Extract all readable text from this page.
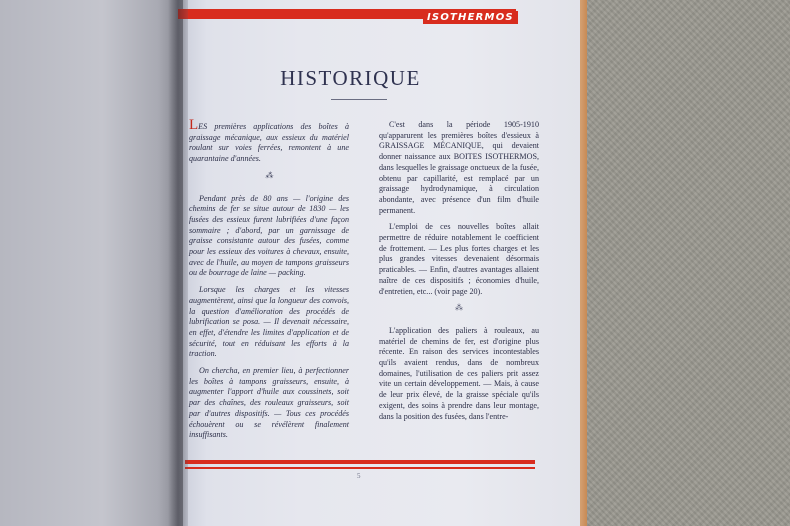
ISOTHERMOS
HISTORIQUE

LES premières applications des boîtes à graissage mécanique, aux essieux du matériel roulant sur voies ferrées, remontent à une quarantaine d'années.

⁂

Pendant près de 80 ans — l'origine des chemins de fer se situe autour de 1830 — les fusées des essieux furent lubrifiées d'une façon sommaire ; d'abord, par un garnissage de graisse consistante autour des fusées, comme pour les essieux des voitures à chevaux, ensuite, avec de l'huile, au moyen de tampons graisseurs ou de bourrage de laine — packing.

Lorsque les charges et les vitesses augmentèrent, ainsi que la longueur des convois, la question d'amélioration des procédés de lubrification se posa. — Il devenait nécessaire, en effet, d'étendre les limites d'application et de sécurité, tout en réduisant les efforts à la traction.

On chercha, en premier lieu, à perfectionner les boîtes à tampons graisseurs, ensuite, à augmenter l'apport d'huile aux coussinets, soit par des chaînes, des rouleaux graisseurs, soit par d'autres dispositifs. — Tous ces procédés échouèrent ou se révélèrent finalement insuffisants.

C'est dans la période 1905-1910 qu'apparurent les premières boîtes d'essieux à GRAISSAGE MÉCANIQUE, qui devaient donner naissance aux BOITES ISOTHERMOS, dans lesquelles le graissage onctueux de la fusée, obtenu par capillarité, est remplacé par un graissage hydrodynamique, à circulation abondante, avec présence d'un film d'huile permanent.

L'emploi de ces nouvelles boîtes allait permettre de réduire notablement le coefficient de frottement. — Les plus fortes charges et les plus grandes vitesses devenaient désormais praticables. — Enfin, d'autres avantages allaient naître de ces dispositifs ; économies d'huile, d'entretien, etc... (voir page 20).

⁂

L'application des paliers à rouleaux, au matériel de chemins de fer, est d'origine plus récente. En raison des services incontestables qu'ils avaient rendus, dans de nombreux domaines, l'utilisation de ces paliers prit assez vite un certain développement. — Mais, à cause de leur prix élevé, de la graisse spéciale qu'ils exigent, des soins à prendre dans leur montage, dans la position des fusées, dans l'entre-

5
